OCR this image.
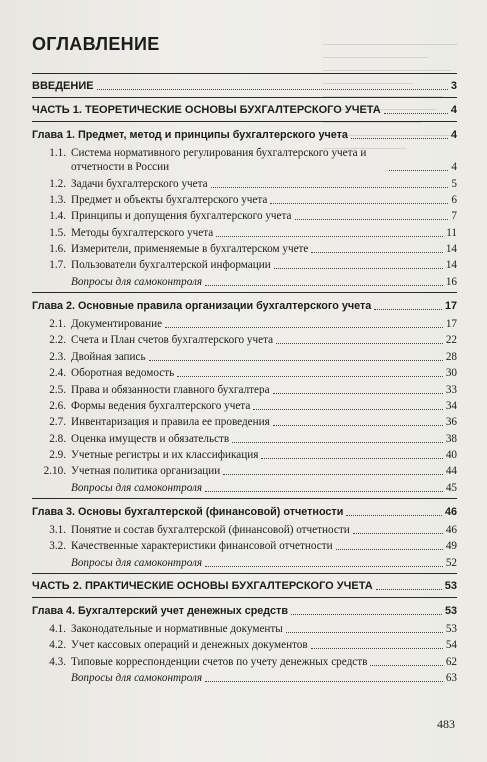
ОГЛАВЛЕНИЕ
ВВЕДЕНИЕ	3
ЧАСТЬ 1. ТЕОРЕТИЧЕСКИЕ ОСНОВЫ БУХГАЛТЕРСКОГО УЧЕТА	4
Глава 1. Предмет, метод и принципы бухгалтерского учета	4
1.1. Система нормативного регулирования бухгалтерского учета и отчетности в России	4
1.2. Задачи бухгалтерского учета	5
1.3. Предмет и объекты бухгалтерского учета	6
1.4. Принципы и допущения бухгалтерского учета	7
1.5. Методы бухгалтерского учета	11
1.6. Измерители, применяемые в бухгалтерском учете	14
1.7. Пользователи бухгалтерской информации	14
Вопросы для самоконтроля	16
Глава 2. Основные правила организации бухгалтерского учета	17
2.1. Документирование	17
2.2. Счета и План счетов бухгалтерского учета	22
2.3. Двойная запись	28
2.4. Оборотная ведомость	30
2.5. Права и обязанности главного бухгалтера	33
2.6. Формы ведения бухгалтерского учета	34
2.7. Инвентаризация и правила ее проведения	36
2.8. Оценка имуществ и обязательств	38
2.9. Учетные регистры и их классификация	40
2.10. Учетная политика организации	44
Вопросы для самоконтроля	45
Глава 3. Основы бухгалтерской (финансовой) отчетности	46
3.1. Понятие и состав бухгалтерской (финансовой) отчетности	46
3.2. Качественные характеристики финансовой отчетности	49
Вопросы для самоконтроля	52
ЧАСТЬ 2. ПРАКТИЧЕСКИЕ ОСНОВЫ БУХГАЛТЕРСКОГО УЧЕТА	53
Глава 4. Бухгалтерский учет денежных средств	53
4.1. Законодательные и нормативные документы	53
4.2. Учет кассовых операций и денежных документов	54
4.3. Типовые корреспонденции счетов по учету денежных средств	62
Вопросы для самоконтроля	63
483
